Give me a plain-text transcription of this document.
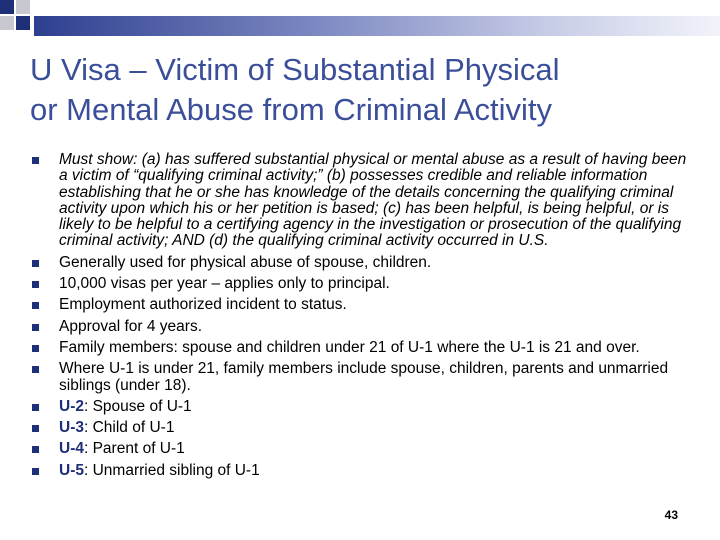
U Visa – Victim of Substantial Physical
or Mental Abuse from Criminal Activity
Must show: (a) has suffered substantial physical or mental abuse as a result of having been a victim of “qualifying criminal activity;” (b) possesses credible and reliable information establishing that he or she has knowledge of the details concerning the qualifying criminal activity upon which his or her petition is based; (c) has been helpful, is being helpful, or is likely to be helpful to a certifying agency in the investigation or prosecution of the qualifying criminal activity; AND (d) the qualifying criminal activity occurred in U.S.
Generally used for physical abuse of spouse, children.
10,000 visas per year – applies only to principal.
Employment authorized incident to status.
Approval for 4 years.
Family members: spouse and children under 21 of U-1 where the U-1 is 21 and over.
Where U-1 is under 21, family members include spouse, children, parents and unmarried siblings (under 18).
U-2: Spouse of U-1
U-3: Child of U-1
U-4: Parent of U-1
U-5: Unmarried sibling of U-1
43
